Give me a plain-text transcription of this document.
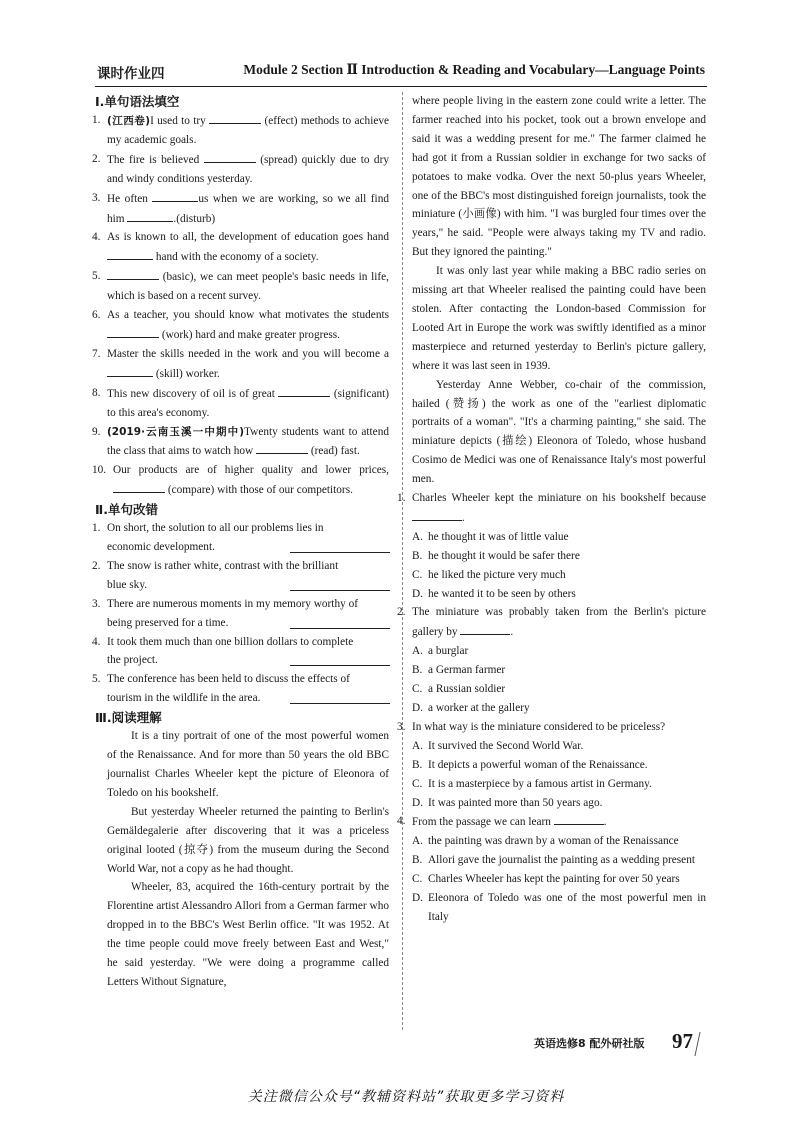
课时作业四	Module 2 Section Ⅱ Introduction & Reading and Vocabulary—Language Points
Ⅰ.单句语法填空
1. (江西卷)I used to try	(effect) methods to achieve my academic goals.
2. The fire is believed	(spread) quickly due to dry and windy conditions yesterday.
3. He often	us when we are working, so we all find him	.(disturb)
4. As is known to all, the development of education goes hand  hand with the economy of a society.
5.	(basic), we can meet people's basic needs in life, which is based on a recent survey.
6. As a teacher, you should know what motivates the students  (work) hard and make greater progress.
7. Master the skills needed in the work and you will become a  (skill) worker.
8. This new discovery of oil is of great	(significant) to this area's economy.
9. (2019·云南玉溪一中期中)Twenty students want to attend the class that aims to watch how	(read) fast.
10. Our products are of higher quality and lower prices,  (compare) with those of our competitors.
Ⅱ.单句改错
1. On short, the solution to all our problems lies in
economic development.
2. The snow is rather white, contrast with the brilliant
blue sky.
3. There are numerous moments in my memory worthy of
being preserved for a time.
4. It took them much than one billion dollars to complete
the project.
5. The conference has been held to discuss the effects of
tourism in the wildlife in the area.
Ⅲ.阅读理解

It is a tiny portrait of one of the most powerful women of the Renaissance. And for more than 50 years the old BBC journalist Charles Wheeler kept the picture of Eleonora of Toledo on his bookshelf.

But yesterday Wheeler returned the painting to Berlin's Gemäldegalerie after discovering that it was a priceless original looted (掠夺) from the museum during the Second World War, not a copy as he had thought.

Wheeler, 83, acquired the 16th-century portrait by the Florentine artist Alessandro Allori from a German farmer who dropped in to the BBC's West Berlin office. "It was 1952. At the time people could move freely between East and West," he said yesterday. "We were doing a programme called Letters Without Signature,

where people living in the eastern zone could write a letter. The farmer reached into his pocket, took out a brown envelope and said it was a wedding present for me." The farmer claimed he had got it from a Russian soldier in exchange for two sacks of potatoes to make vodka. Over the next 50-plus years Wheeler, one of the BBC's most distinguished foreign journalists, took the miniature (小画像) with him. "I was burgled four times over the years," he said. "People were always taking my TV and radio. But they ignored the painting."

It was only last year while making a BBC radio series on missing art that Wheeler realised the painting could have been stolen. After contacting the London-based Commission for Looted Art in Europe the work was swiftly identified as a minor masterpiece and returned yesterday to Berlin's picture gallery, where it was last seen in 1939.

Yesterday Anne Webber, co-chair of the commission, hailed (赞扬) the work as one of the "earliest diplomatic portraits of a woman". "It's a charming painting," she said. The miniature depicts (描绘) Eleonora of Toledo, whose husband Cosimo de Medici was one of Renaissance Italy's most powerful men.

1. Charles Wheeler kept the miniature on his bookshelf because .
A. he thought it was of little value
B. he thought it would be safer there
C. he liked the picture very much
D. he wanted it to be seen by others
2. The miniature was probably taken from the Berlin's picture gallery by	.
A. a burglar
B. a German farmer
C. a Russian soldier
D. a worker at the gallery
3. In what way is the miniature considered to be priceless?
A. It survived the Second World War.
B. It depicts a powerful woman of the Renaissance.
C. It is a masterpiece by a famous artist in Germany.
D. It was painted more than 50 years ago.
4. From the passage we can learn	.
A. the painting was drawn by a woman of the Renaissance
B. Allori gave the journalist the painting as a wedding present
C. Charles Wheeler has kept the painting for over 50 years
D. Eleonora of Toledo was one of the most powerful men in Italy
英语选修8 配外研社版 97
关注微信公众号“教辅资料站”获取更多学习资料
